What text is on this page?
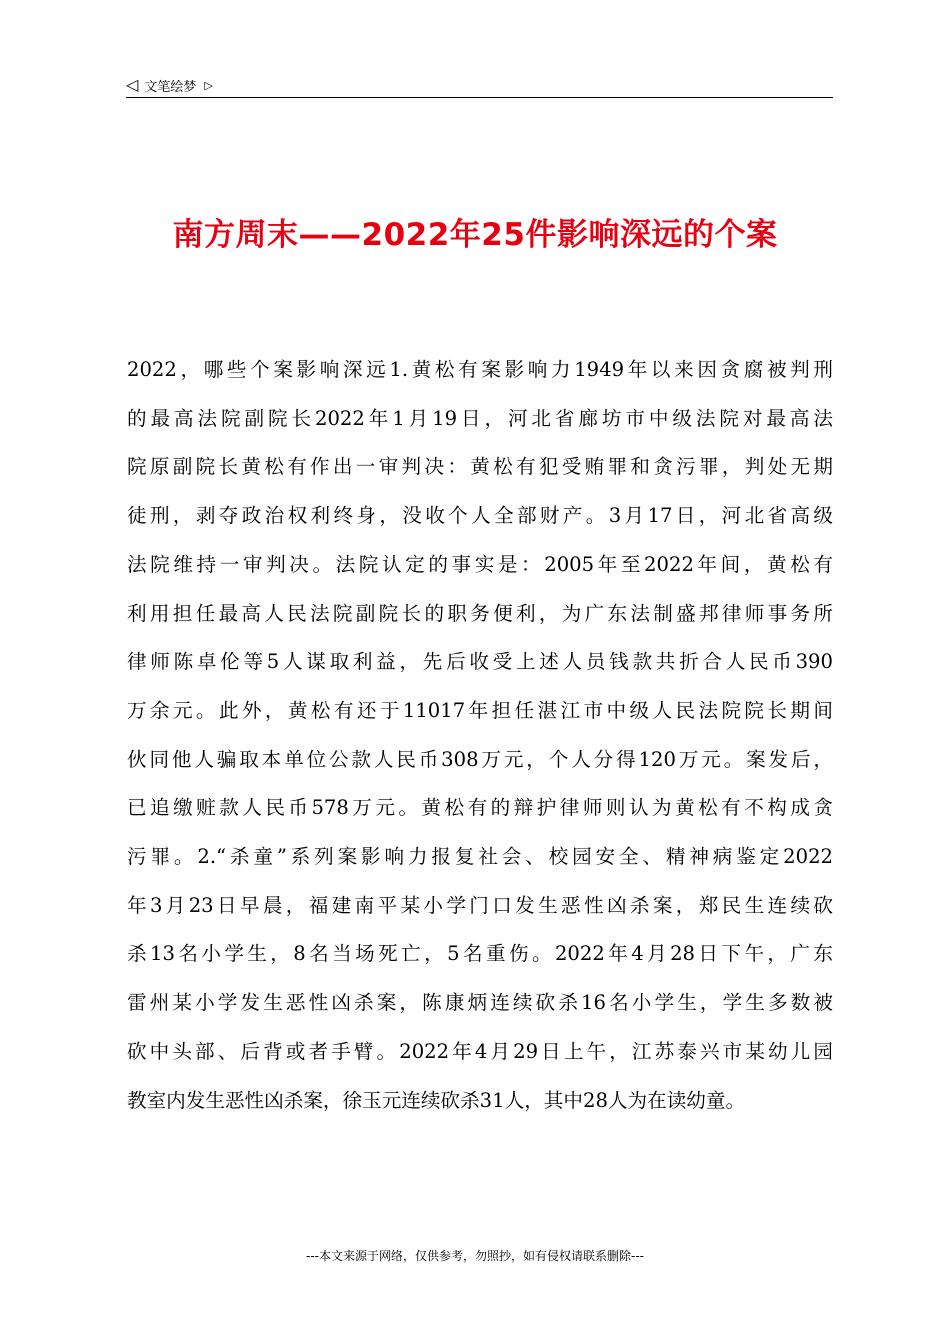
◁ 文笔绘梦 ▷
南方周末——2022年25件影响深远的个案
2022，哪些个案影响深远1.黄松有案影响力1949年以来因贪腐被判刑
的最高法院副院长2022年1月19日，河北省廊坊市中级法院对最高法
院原副院长黄松有作出一审判决：黄松有犯受贿罪和贪污罪，判处无期
徒刑，剥夺政治权利终身，没收个人全部财产。3月17日，河北省高级
法院维持一审判决。法院认定的事实是：2005年至2022年间，黄松有
利用担任最高人民法院副院长的职务便利，为广东法制盛邦律师事务所
律师陈卓伦等5人谋取利益，先后收受上述人员钱款共折合人民币390
万余元。此外，黄松有还于11017年担任湛江市中级人民法院院长期间
伙同他人骗取本单位公款人民币308万元，个人分得120万元。案发后，
已追缴赃款人民币578万元。黄松有的辩护律师则认为黄松有不构成贪
污罪。2.“杀童”系列案影响力报复社会、校园安全、精神病鉴定2022
年3月23日早晨，福建南平某小学门口发生恶性凶杀案，郑民生连续砍
杀13名小学生，8名当场死亡，5名重伤。2022年4月28日下午，广东
雷州某小学发生恶性凶杀案，陈康炳连续砍杀16名小学生，学生多数被
砍中头部、后背或者手臂。2022年4月29日上午，江苏泰兴市某幼儿园
教室内发生恶性凶杀案，徐玉元连续砍杀31人，其中28人为在读幼童。
---本文来源于网络，仅供参考，勿照抄，如有侵权请联系删除---
